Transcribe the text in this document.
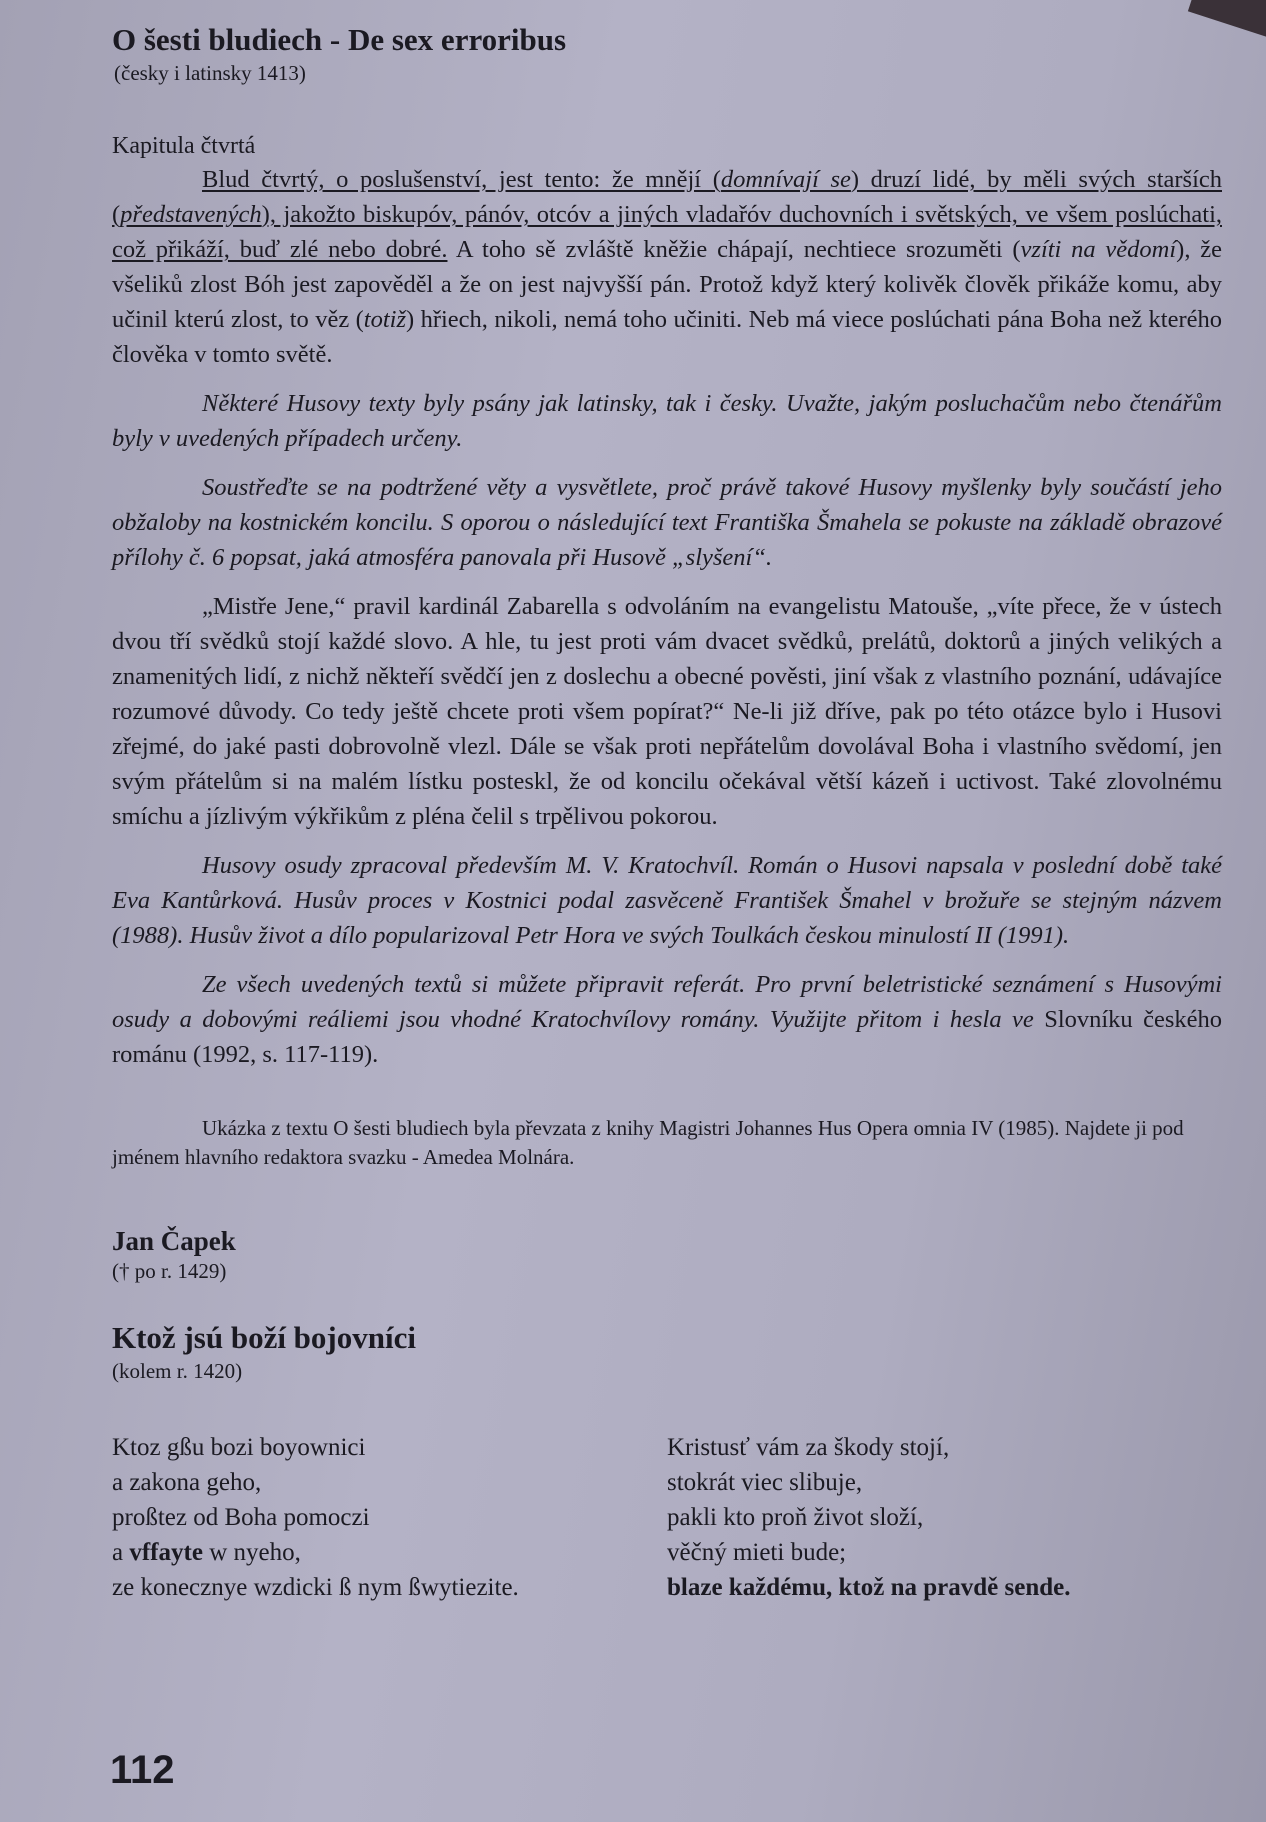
O šesti bludiech - De sex erroribus
(česky i latinsky 1413)
Kapitula čtvrtá

Blud čtvrtý, o poslušenství, jest tento: že mnějí (domnívají se) druzí lidé, by měli svých starších (představených), jakožto biskupóv, pánóv, otcóv a jiných vladařóv duchovních i světských, ve všem poslúchati, což přikáží, buď zlé nebo dobré. A toho sě zvláště kněžie chápají, nechtiece srozuměti (vzíti na vědomí), že všeliků zlost Bóh jest zapověděl a že on jest najvyšší pán. Protož když který kolivěk člověk přikáže komu, aby učinil kterú zlost, to věz (totiž) hřiech, nikoli, nemá toho učiniti. Neb má viece poslúchati pána Boha než kterého člověka v tomto světě.

Některé Husovy texty byly psány jak latinsky, tak i česky. Uvažte, jakým posluchačům nebo čtenářům byly v uvedených případech určeny.

Soustřeďte se na podtržené věty a vysvětlete, proč právě takové Husovy myšlenky byly součástí jeho obžaloby na kostnickém koncilu. S oporou o následující text Františka Šmahela se pokuste na základě obrazové přílohy č. 6 popsat, jaká atmosféra panovala při Husově „slyšení“.

„Mistře Jene,“ pravil kardinál Zabarella s odvoláním na evangelistu Matouše, „víte přece, že v ústech dvou tří svědků stojí každé slovo. A hle, tu jest proti vám dvacet svědků, prelátů, doktorů a jiných velikých a znamenitých lidí, z nichž někteří svědčí jen z doslechu a obecné pověsti, jiní však z vlastního poznání, udávajíce rozumové důvody. Co tedy ještě chcete proti všem popírat?“ Ne-li již dříve, pak po této otázce bylo i Husovi zřejmé, do jaké pasti dobrovolně vlezl. Dále se však proti nepřátelům dovolával Boha i vlastního svědomí, jen svým přátelům si na malém lístku posteskl, že od koncilu očekával větší kázeň i uctivost. Také zlovolnému smíchu a jízlivým výkřikům z pléna čelil s trpělivou pokorou.

Husovy osudy zpracoval především M. V. Kratochvíl. Román o Husovi napsala v poslední době také Eva Kantůrková. Husův proces v Kostnici podal zasvěceně František Šmahel v brožuře se stejným názvem (1988). Husův život a dílo popularizoval Petr Hora ve svých Toulkách českou minulostí II (1991).

Ze všech uvedených textů si můžete připravit referát. Pro první beletristické seznámení s Husovými osudy a dobovými reáliemi jsou vhodné Kratochvílovy romány. Využijte přitom i hesla ve Slovníku českého románu (1992, s. 117-119).

Ukázka z textu O šesti bludiech byla převzata z knihy Magistri Johannes Hus Opera omnia IV (1985). Najdete ji pod jménem hlavního redaktora svazku - Amedea Molnára.

Jan Čapek
(† po r. 1429)
Ktož jsú boží bojovníci
(kolem r. 1420)
Ktoz gßu bozi boyownici
a zakona geho,
proßtez od Boha pomoczi
a vffayte w nyeho,
ze konecznye wzdicki ß nym ßwytiezite.
Kristusť vám za škody stojí,
stokrát viec slibuje,
pakli kto proň život složí,
věčný mieti bude;
blaze každému, ktož na pravdě sende.
112
